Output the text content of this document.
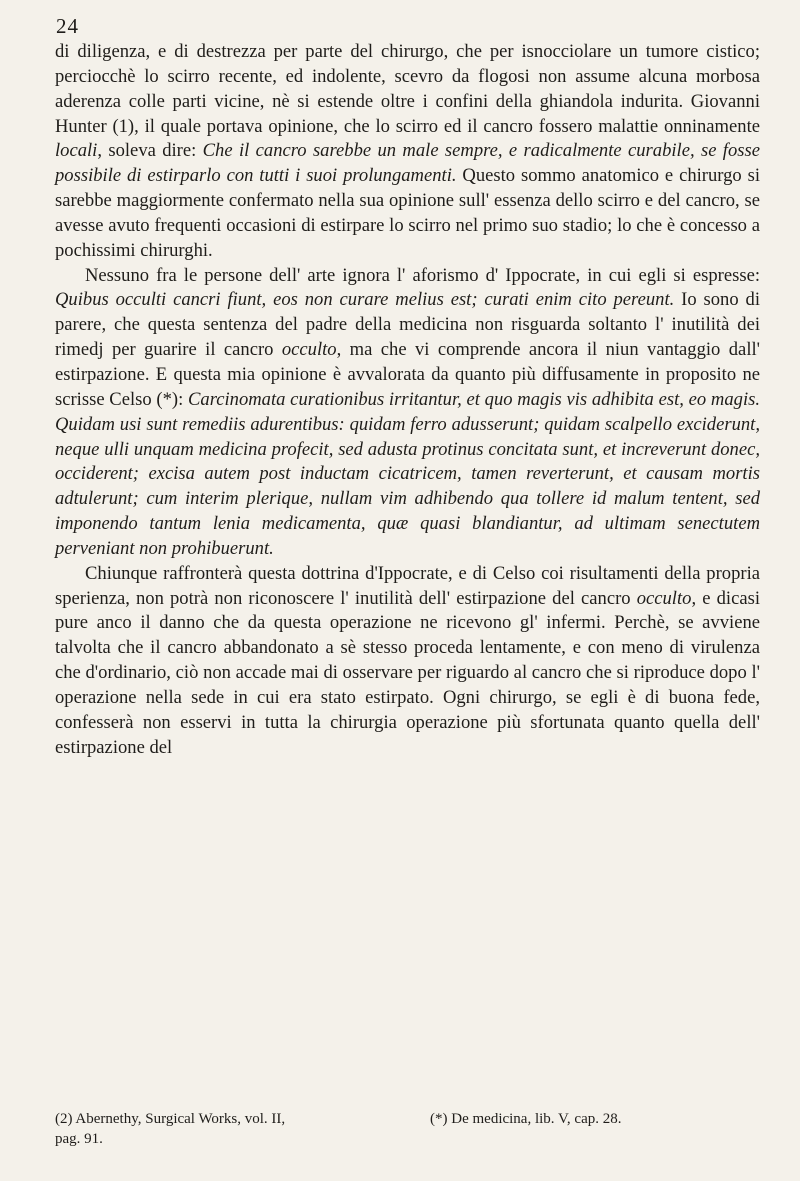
24

di diligenza, e di destrezza per parte del chirurgo, che per isnocciolare un tumore cistico; perciocchè lo scirro recente, ed indolente, scevro da flogosi non assume alcuna morbosa aderenza colle parti vicine, nè si estende oltre i confini della ghiandola indurita. Giovanni Hunter (1), il quale portava opinione, che lo scirro ed il cancro fossero malattie onninamente locali, soleva dire: Che il cancro sarebbe un male sempre, e radicalmente curabile, se fosse possibile di estirparlo con tutti i suoi prolungamenti. Questo sommo anatomico e chirurgo si sarebbe maggiormente confermato nella sua opinione sull' essenza dello scirro e del cancro, se avesse avuto frequenti occasioni di estirpare lo scirro nel primo suo stadio; lo che è concesso a pochissimi chirurghi.

Nessuno fra le persone dell' arte ignora l' aforismo d' Ippocrate, in cui egli si espresse: Quibus occulti cancri fiunt, eos non curare melius est; curati enim cito pereunt. Io sono di parere, che questa sentenza del padre della medicina non risguarda soltanto l' inutilità dei rimedj per guarire il cancro occulto, ma che vi comprende ancora il niun vantaggio dall' estirpazione. E questa mia opinione è avvalorata da quanto più diffusamente in proposito ne scrisse Celso (*): Carcinomata curationibus irritantur, et quo magis vis adhibita est, eo magis. Quidam usi sunt remediis adurentibus: quidam ferro adusserunt; quidam scalpello exciderunt, neque ulli unquam medicina profecit, sed adusta protinus concitata sunt, et increverunt donec, occiderent; excisa autem post inductam cicatricem, tamen reverterunt, et causam mortis adtulerunt; cum interim plerique, nullam vim adhibendo qua tollere id malum tentent, sed imponendo tantum lenia medicamenta, quæ quasi blandiantur, ad ultimam senectutem perveniant non prohibuerunt.

Chiunque raffronterà questa dottrina d'Ippocrate, e di Celso coi risultamenti della propria sperienza, non potrà non riconoscere l' inutilità dell' estirpazione del cancro occulto, e dicasi pure anco il danno che da questa operazione ne ricevono gl' infermi. Perchè, se avviene talvolta che il cancro abbandonato a sè stesso proceda lentamente, e con meno di virulenza che d'ordinario, ciò non accade mai di osservare per riguardo al cancro che si riproduce dopo l' operazione nella sede in cui era stato estirpato. Ogni chirurgo, se egli è di buona fede, confesserà non esservi in tutta la chirurgia operazione più sfortunata quanto quella dell' estirpazione del

(2) Abernethy, Surgical Works, vol. II,	(*) De medicina, lib. V, cap. 28.

pag. 91.
